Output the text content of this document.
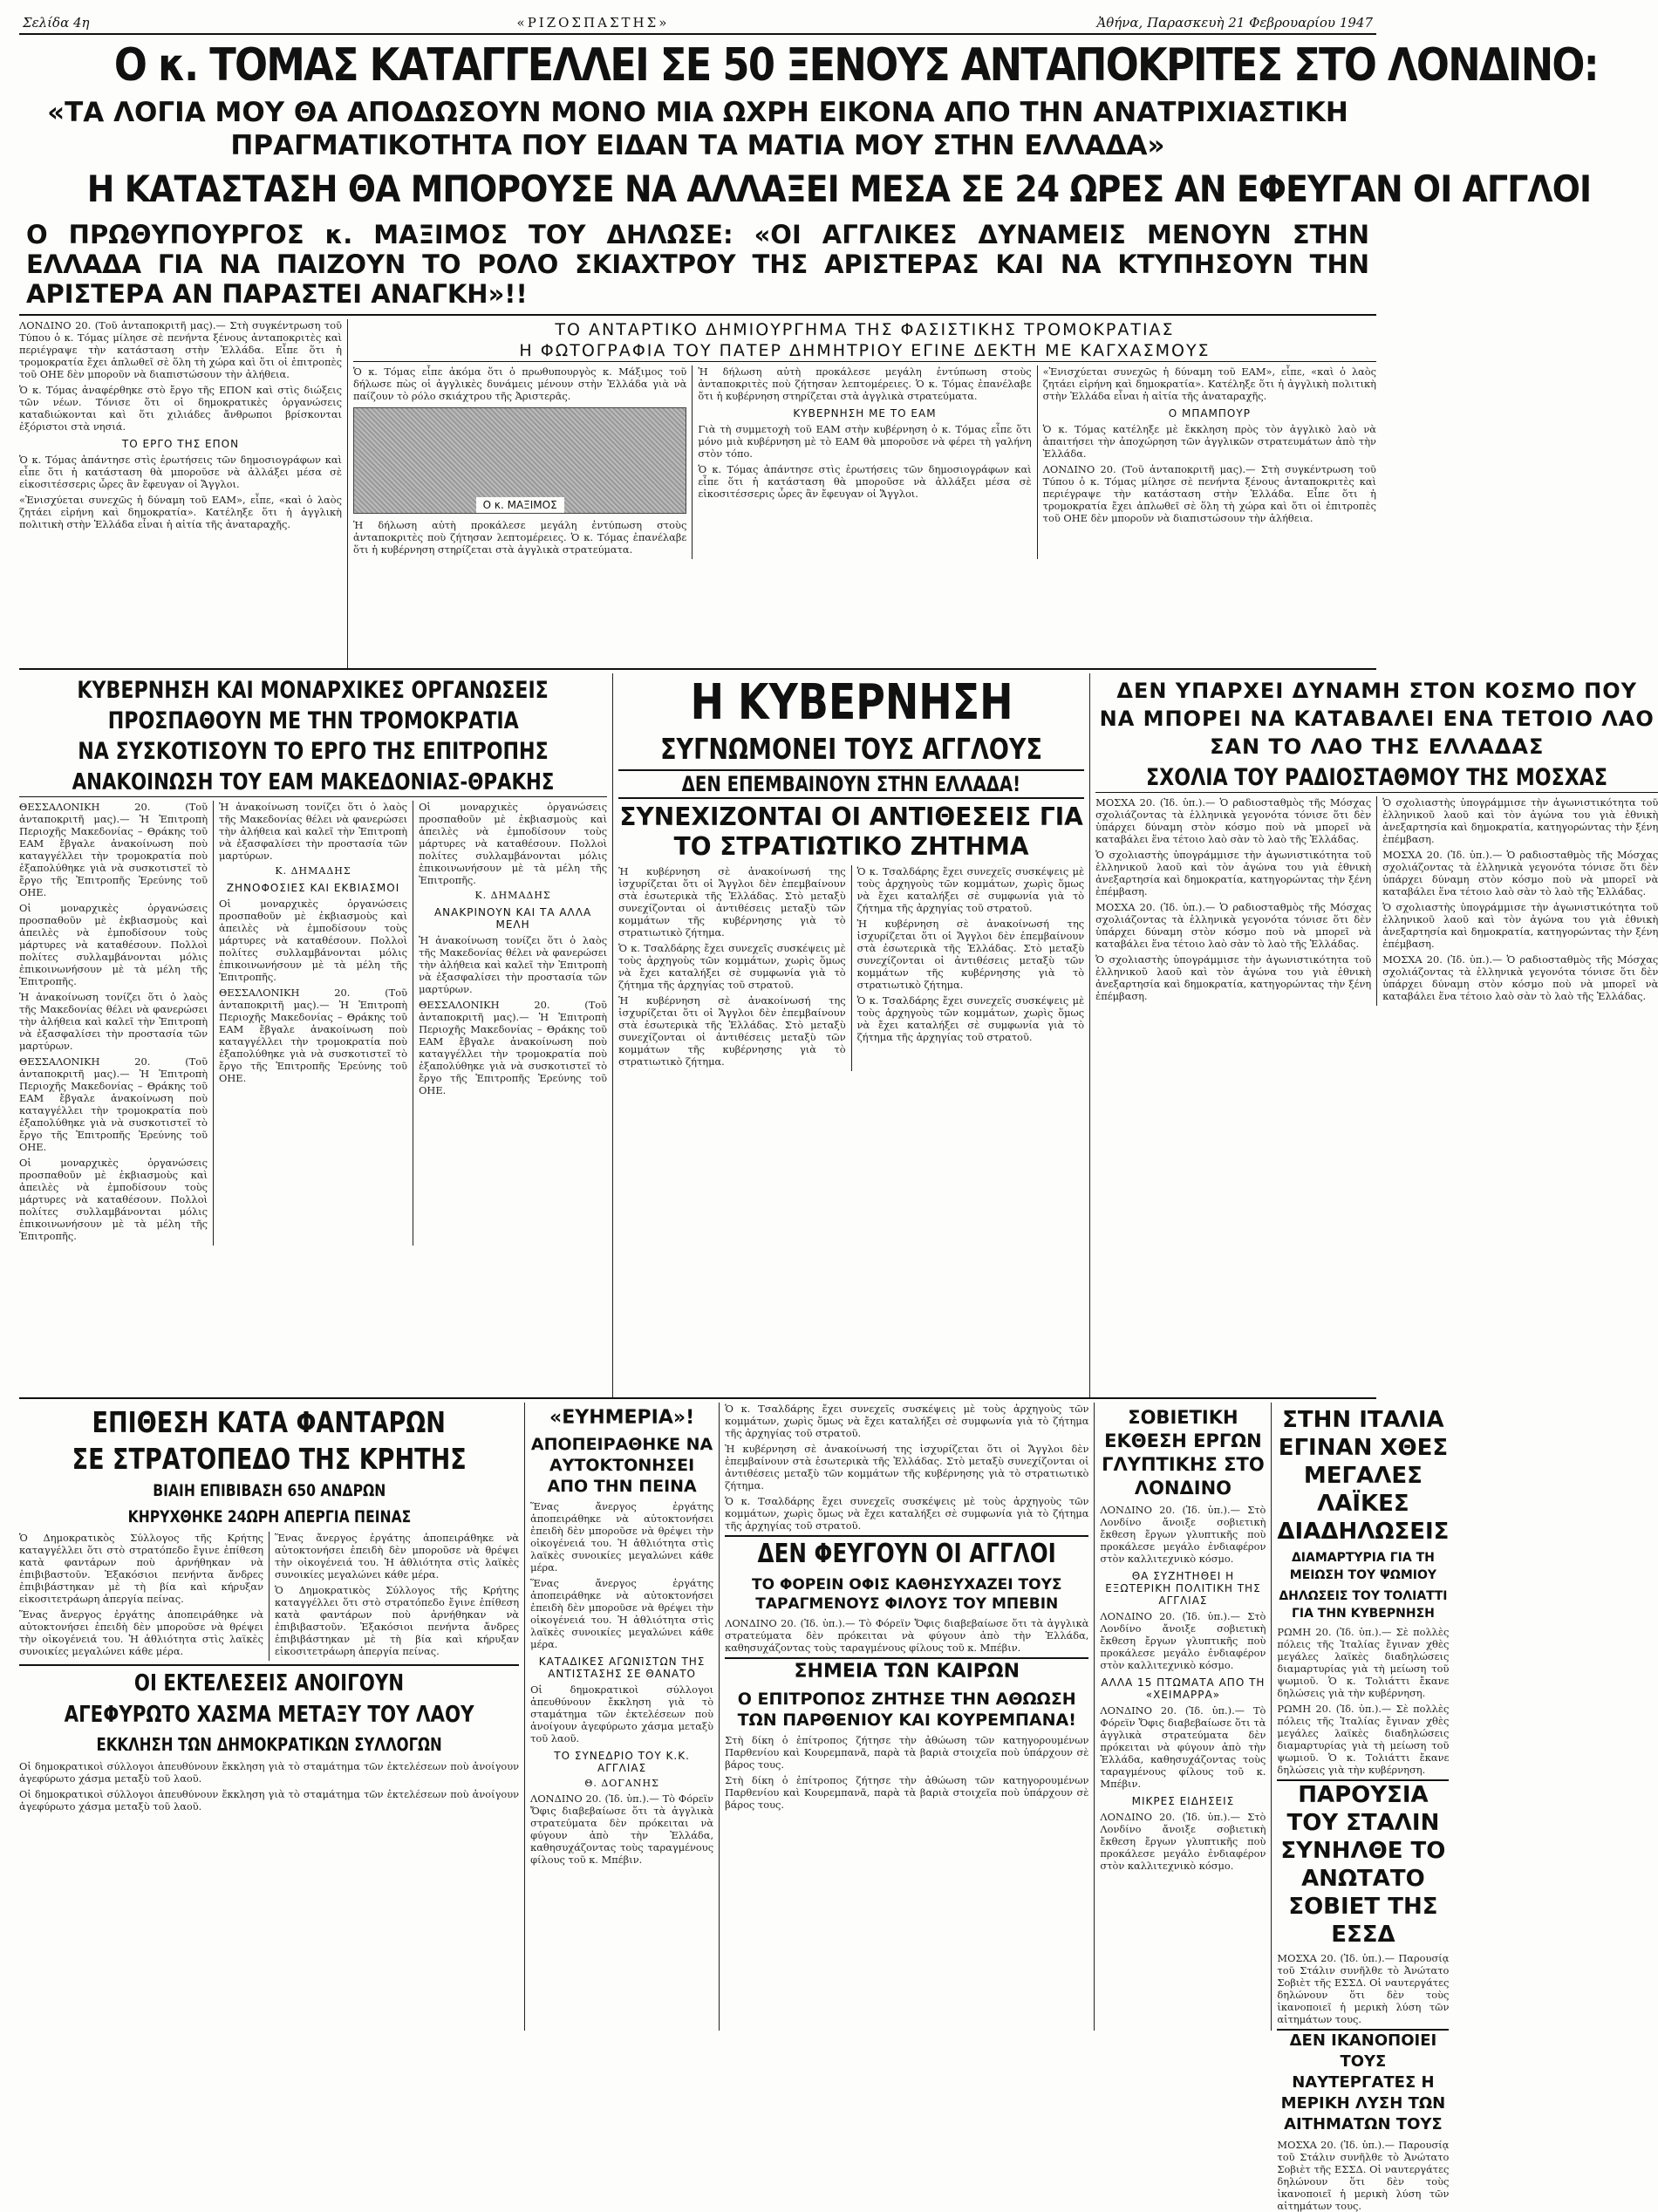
Σελίδα 4η	«ΡΙΖΟΣΠΑΣΤΗΣ»	Ἀθήνα, Παρασκευὴ 21 Φεβρουαρίου 1947
Ο κ. ΤΟΜΑΣ ΚΑΤΑΓΓΕΛΛΕΙ ΣΕ 50 ΞΕΝΟΥΣ ΑΝΤΑΠΟΚΡΙΤΕΣ ΣΤΟ ΛΟΝΔΙΝΟ:
«ΤΑ ΛΟΓΙΑ ΜΟΥ ΘΑ ΑΠΟΔΩΣΟΥΝ ΜΟΝΟ ΜΙΑ ΩΧΡΗ ΕΙΚΟΝΑ ΑΠΟ ΤΗΝ ΑΝΑΤΡΙΧΙΑΣΤΙΚΗ ΠΡΑΓΜΑΤΙΚΟΤΗΤΑ ΠΟΥ ΕΙΔΑΝ ΤΑ ΜΑΤΙΑ ΜΟΥ ΣΤΗΝ ΕΛΛΑΔΑ»
Η ΚΑΤΑΣΤΑΣΗ ΘΑ ΜΠΟΡΟΥΣΕ ΝΑ ΑΛΛΑΞΕΙ ΜΕΣΑ ΣΕ 24 ΩΡΕΣ ΑΝ ΕΦΕΥΓΑΝ ΟΙ ΑΓΓΛΟΙ
Ο ΠΡΩΘΥΠΟΥΡΓΟΣ κ. ΜΑΞΙΜΟΣ ΤΟΥ ΔΗΛΩΣΕ: «ΟΙ ΑΓΓΛΙΚΕΣ ΔΥΝΑΜΕΙΣ ΜΕΝΟΥΝ ΣΤΗΝ ΕΛΛΑΔΑ ΓΙΑ ΝΑ ΠΑΙΖΟΥΝ ΤΟ ΡΟΛΟ ΣΚΙΑΧΤΡΟΥ ΤΗΣ ΑΡΙΣΤΕΡΑΣ ΚΑΙ ΝΑ ΚΤΥΠΗΣΟΥΝ ΤΗΝ ΑΡΙΣΤΕΡΑ ΑΝ ΠΑΡΑΣΤΕΙ ΑΝΑΓΚΗ»!!

ΛΟΝΔΙΝΟ 20. (Τοῦ ἀνταποκριτῆ μας).— Στὴ συγκέντρωση τοῦ Τύπου ὁ κ. Τόμας μίλησε σὲ πενήντα ξένους ἀνταποκριτὲς καὶ περιέγραψε τὴν κατάσταση στὴν Ἑλλάδα. Εἶπε ὅτι ἡ τρομοκρατία ἔχει ἁπλωθεῖ σὲ ὅλη τὴ χώρα καὶ ὅτι οἱ ἐπιτροπὲς τοῦ ΟΗΕ δὲν μποροῦν νὰ διαπιστώσουν τὴν ἀλήθεια.

Ὁ κ. Τόμας ἀναφέρθηκε στὸ ἔργο τῆς ΕΠΟΝ καὶ στὶς διώξεις τῶν νέων. Τόνισε ὅτι οἱ δημοκρατικὲς ὀργανώσεις καταδιώκονται καὶ ὅτι χιλιάδες ἄνθρωποι βρίσκονται ἐξόριστοι στὰ νησιά.

ΤΟ ΕΡΓΟ ΤΗΣ ΕΠΟΝ

Ὁ κ. Τόμας ἀπάντησε στὶς ἐρωτήσεις τῶν δημοσιογράφων καὶ εἶπε ὅτι ἡ κατάσταση θὰ μποροῦσε νὰ ἀλλάξει μέσα σὲ εἰκοσιτέσσερις ὧρες ἂν ἔφευγαν οἱ Ἄγγλοι.

«Ἐνισχύεται συνεχῶς ἡ δύναμη τοῦ ΕΑΜ», εἶπε, «καὶ ὁ λαὸς ζητάει εἰρήνη καὶ δημοκρατία». Κατέληξε ὅτι ἡ ἀγγλικὴ πολιτικὴ στὴν Ἑλλάδα εἶναι ἡ αἰτία τῆς ἀναταραχῆς.

ΤΟ ΑΝΤΑΡΤΙΚΟ ΔΗΜΙΟΥΡΓΗΜΑ ΤΗΣ ΦΑΣΙΣΤΙΚΗΣ ΤΡΟΜΟΚΡΑΤΙΑΣ
Η ΦΩΤΟΓΡΑΦΙΑ ΤΟΥ ΠΑΤΕΡ ΔΗΜΗΤΡΙΟΥ ΕΓΙΝΕ ΔΕΚΤΗ ΜΕ ΚΑΓΧΑΣΜΟΥΣ

Ὁ κ. Τόμας εἶπε ἀκόμα ὅτι ὁ πρωθυπουργὸς κ. Μάξιμος τοῦ δήλωσε πὼς οἱ ἀγγλικὲς δυνάμεις μένουν στὴν Ἑλλάδα γιὰ νὰ παίζουν τὸ ρόλο σκιάχτρου τῆς Ἀριστερᾶς.

Ο κ. ΜΑΞΙΜΟΣ

Ἡ δήλωση αὐτὴ προκάλεσε μεγάλη ἐντύπωση στοὺς ἀνταποκριτὲς ποὺ ζήτησαν λεπτομέρειες. Ὁ κ. Τόμας ἐπανέλαβε ὅτι ἡ κυβέρνηση στηρίζεται στὰ ἀγγλικὰ στρατεύματα.

Ἡ δήλωση αὐτὴ προκάλεσε μεγάλη ἐντύπωση στοὺς ἀνταποκριτὲς ποὺ ζήτησαν λεπτομέρειες. Ὁ κ. Τόμας ἐπανέλαβε ὅτι ἡ κυβέρνηση στηρίζεται στὰ ἀγγλικὰ στρατεύματα.

ΚΥΒΕΡΝΗΣΗ ΜΕ ΤΟ ΕΑΜ

Γιὰ τὴ συμμετοχὴ τοῦ ΕΑΜ στὴν κυβέρνηση ὁ κ. Τόμας εἶπε ὅτι μόνο μιὰ κυβέρνηση μὲ τὸ ΕΑΜ θὰ μποροῦσε νὰ φέρει τὴ γαλήνη στὸν τόπο.

Ὁ κ. Τόμας ἀπάντησε στὶς ἐρωτήσεις τῶν δημοσιογράφων καὶ εἶπε ὅτι ἡ κατάσταση θὰ μποροῦσε νὰ ἀλλάξει μέσα σὲ εἰκοσιτέσσερις ὧρες ἂν ἔφευγαν οἱ Ἄγγλοι.

«Ἐνισχύεται συνεχῶς ἡ δύναμη τοῦ ΕΑΜ», εἶπε, «καὶ ὁ λαὸς ζητάει εἰρήνη καὶ δημοκρατία». Κατέληξε ὅτι ἡ ἀγγλικὴ πολιτικὴ στὴν Ἑλλάδα εἶναι ἡ αἰτία τῆς ἀναταραχῆς.

Ο ΜΠΑΜΠΟΥΡ

Ὁ κ. Τόμας κατέληξε μὲ ἔκκληση πρὸς τὸν ἀγγλικὸ λαὸ νὰ ἀπαιτήσει τὴν ἀποχώρηση τῶν ἀγγλικῶν στρατευμάτων ἀπὸ τὴν Ἑλλάδα.

ΛΟΝΔΙΝΟ 20. (Τοῦ ἀνταποκριτῆ μας).— Στὴ συγκέντρωση τοῦ Τύπου ὁ κ. Τόμας μίλησε σὲ πενήντα ξένους ἀνταποκριτὲς καὶ περιέγραψε τὴν κατάσταση στὴν Ἑλλάδα. Εἶπε ὅτι ἡ τρομοκρατία ἔχει ἁπλωθεῖ σὲ ὅλη τὴ χώρα καὶ ὅτι οἱ ἐπιτροπὲς τοῦ ΟΗΕ δὲν μποροῦν νὰ διαπιστώσουν τὴν ἀλήθεια.

ΚΥΒΕΡΝΗΣΗ ΚΑΙ ΜΟΝΑΡΧΙΚΕΣ ΟΡΓΑΝΩΣΕΙΣ
ΠΡΟΣΠΑΘΟΥΝ ΜΕ ΤΗΝ ΤΡΟΜΟΚΡΑΤΙΑ
ΝΑ ΣΥΣΚΟΤΙΣΟΥΝ ΤΟ ΕΡΓΟ ΤΗΣ ΕΠΙΤΡΟΠΗΣ
ΑΝΑΚΟΙΝΩΣΗ ΤΟΥ ΕΑΜ ΜΑΚΕΔΟΝΙΑΣ-ΘΡΑΚΗΣ

ΘΕΣΣΑΛΟΝΙΚΗ 20. (Τοῦ ἀνταποκριτῆ μας).— Ἡ Ἐπιτροπὴ Περιοχῆς Μακεδονίας – Θράκης τοῦ ΕΑΜ ἔβγαλε ἀνακοίνωση ποὺ καταγγέλλει τὴν τρομοκρατία ποὺ ἐξαπολύθηκε γιὰ νὰ συσκοτιστεῖ τὸ ἔργο τῆς Ἐπιτροπῆς Ἐρεύνης τοῦ ΟΗΕ.

Οἱ μοναρχικὲς ὀργανώσεις προσπαθοῦν μὲ ἐκβιασμοὺς καὶ ἀπειλὲς νὰ ἐμποδίσουν τοὺς μάρτυρες νὰ καταθέσουν. Πολλοὶ πολίτες συλλαμβάνονται μόλις ἐπικοινωνήσουν μὲ τὰ μέλη τῆς Ἐπιτροπῆς.

Ἡ ἀνακοίνωση τονίζει ὅτι ὁ λαὸς τῆς Μακεδονίας θέλει νὰ φανερώσει τὴν ἀλήθεια καὶ καλεῖ τὴν Ἐπιτροπὴ νὰ ἐξασφαλίσει τὴν προστασία τῶν μαρτύρων.

ΘΕΣΣΑΛΟΝΙΚΗ 20. (Τοῦ ἀνταποκριτῆ μας).— Ἡ Ἐπιτροπὴ Περιοχῆς Μακεδονίας – Θράκης τοῦ ΕΑΜ ἔβγαλε ἀνακοίνωση ποὺ καταγγέλλει τὴν τρομοκρατία ποὺ ἐξαπολύθηκε γιὰ νὰ συσκοτιστεῖ τὸ ἔργο τῆς Ἐπιτροπῆς Ἐρεύνης τοῦ ΟΗΕ.

Οἱ μοναρχικὲς ὀργανώσεις προσπαθοῦν μὲ ἐκβιασμοὺς καὶ ἀπειλὲς νὰ ἐμποδίσουν τοὺς μάρτυρες νὰ καταθέσουν. Πολλοὶ πολίτες συλλαμβάνονται μόλις ἐπικοινωνήσουν μὲ τὰ μέλη τῆς Ἐπιτροπῆς.

Ἡ ἀνακοίνωση τονίζει ὅτι ὁ λαὸς τῆς Μακεδονίας θέλει νὰ φανερώσει τὴν ἀλήθεια καὶ καλεῖ τὴν Ἐπιτροπὴ νὰ ἐξασφαλίσει τὴν προστασία τῶν μαρτύρων.

Κ. ΔΗΜΑΔΗΣ

ΖΗΝΟΦΟΣΙΕΣ ΚΑΙ ΕΚΒΙΑΣΜΟΙ

Οἱ μοναρχικὲς ὀργανώσεις προσπαθοῦν μὲ ἐκβιασμοὺς καὶ ἀπειλὲς νὰ ἐμποδίσουν τοὺς μάρτυρες νὰ καταθέσουν. Πολλοὶ πολίτες συλλαμβάνονται μόλις ἐπικοινωνήσουν μὲ τὰ μέλη τῆς Ἐπιτροπῆς.

ΘΕΣΣΑΛΟΝΙΚΗ 20. (Τοῦ ἀνταποκριτῆ μας).— Ἡ Ἐπιτροπὴ Περιοχῆς Μακεδονίας – Θράκης τοῦ ΕΑΜ ἔβγαλε ἀνακοίνωση ποὺ καταγγέλλει τὴν τρομοκρατία ποὺ ἐξαπολύθηκε γιὰ νὰ συσκοτιστεῖ τὸ ἔργο τῆς Ἐπιτροπῆς Ἐρεύνης τοῦ ΟΗΕ.

Οἱ μοναρχικὲς ὀργανώσεις προσπαθοῦν μὲ ἐκβιασμοὺς καὶ ἀπειλὲς νὰ ἐμποδίσουν τοὺς μάρτυρες νὰ καταθέσουν. Πολλοὶ πολίτες συλλαμβάνονται μόλις ἐπικοινωνήσουν μὲ τὰ μέλη τῆς Ἐπιτροπῆς.

Κ. ΔΗΜΑΔΗΣ

ΑΝΑΚΡΙΝΟΥΝ ΚΑΙ ΤΑ ΑΛΛΑ ΜΕΛΗ

Ἡ ἀνακοίνωση τονίζει ὅτι ὁ λαὸς τῆς Μακεδονίας θέλει νὰ φανερώσει τὴν ἀλήθεια καὶ καλεῖ τὴν Ἐπιτροπὴ νὰ ἐξασφαλίσει τὴν προστασία τῶν μαρτύρων.

ΘΕΣΣΑΛΟΝΙΚΗ 20. (Τοῦ ἀνταποκριτῆ μας).— Ἡ Ἐπιτροπὴ Περιοχῆς Μακεδονίας – Θράκης τοῦ ΕΑΜ ἔβγαλε ἀνακοίνωση ποὺ καταγγέλλει τὴν τρομοκρατία ποὺ ἐξαπολύθηκε γιὰ νὰ συσκοτιστεῖ τὸ ἔργο τῆς Ἐπιτροπῆς Ἐρεύνης τοῦ ΟΗΕ.

Η ΚΥΒΕΡΝΗΣΗ
ΣΥΓΝΩΜΟΝΕΙ ΤΟΥΣ ΑΓΓΛΟΥΣ
ΔΕΝ ΕΠΕΜΒΑΙΝΟΥΝ ΣΤΗΝ ΕΛΛΑΔΑ!
ΣΥΝΕΧΙΖΟΝΤΑΙ ΟΙ ΑΝΤΙΘΕΣΕΙΣ ΓΙΑ ΤΟ ΣΤΡΑΤΙΩΤΙΚΟ ΖΗΤΗΜΑ

Ἡ κυβέρνηση σὲ ἀνακοίνωσή της ἰσχυρίζεται ὅτι οἱ Ἄγγλοι δὲν ἐπεμβαίνουν στὰ ἐσωτερικὰ τῆς Ἑλλάδας. Στὸ μεταξὺ συνεχίζονται οἱ ἀντιθέσεις μεταξὺ τῶν κομμάτων τῆς κυβέρνησης γιὰ τὸ στρατιωτικὸ ζήτημα.

Ὁ κ. Τσαλδάρης ἔχει συνεχεῖς συσκέψεις μὲ τοὺς ἀρχηγοὺς τῶν κομμάτων, χωρὶς ὅμως νὰ ἔχει καταλήξει σὲ συμφωνία γιὰ τὸ ζήτημα τῆς ἀρχηγίας τοῦ στρατοῦ.

Ἡ κυβέρνηση σὲ ἀνακοίνωσή της ἰσχυρίζεται ὅτι οἱ Ἄγγλοι δὲν ἐπεμβαίνουν στὰ ἐσωτερικὰ τῆς Ἑλλάδας. Στὸ μεταξὺ συνεχίζονται οἱ ἀντιθέσεις μεταξὺ τῶν κομμάτων τῆς κυβέρνησης γιὰ τὸ στρατιωτικὸ ζήτημα.

Ὁ κ. Τσαλδάρης ἔχει συνεχεῖς συσκέψεις μὲ τοὺς ἀρχηγοὺς τῶν κομμάτων, χωρὶς ὅμως νὰ ἔχει καταλήξει σὲ συμφωνία γιὰ τὸ ζήτημα τῆς ἀρχηγίας τοῦ στρατοῦ.

Ἡ κυβέρνηση σὲ ἀνακοίνωσή της ἰσχυρίζεται ὅτι οἱ Ἄγγλοι δὲν ἐπεμβαίνουν στὰ ἐσωτερικὰ τῆς Ἑλλάδας. Στὸ μεταξὺ συνεχίζονται οἱ ἀντιθέσεις μεταξὺ τῶν κομμάτων τῆς κυβέρνησης γιὰ τὸ στρατιωτικὸ ζήτημα.

Ὁ κ. Τσαλδάρης ἔχει συνεχεῖς συσκέψεις μὲ τοὺς ἀρχηγοὺς τῶν κομμάτων, χωρὶς ὅμως νὰ ἔχει καταλήξει σὲ συμφωνία γιὰ τὸ ζήτημα τῆς ἀρχηγίας τοῦ στρατοῦ.

ΔΕΝ ΥΠΑΡΧΕΙ ΔΥΝΑΜΗ ΣΤΟΝ ΚΟΣΜΟ ΠΟΥ ΝΑ ΜΠΟΡΕΙ ΝΑ ΚΑΤΑΒΑΛΕΙ ΕΝΑ ΤΕΤΟΙΟ ΛΑΟ ΣΑΝ ΤΟ ΛΑΟ ΤΗΣ ΕΛΛΑΔΑΣ
ΣΧΟΛΙΑ ΤΟΥ ΡΑΔΙΟΣΤΑΘΜΟΥ ΤΗΣ ΜΟΣΧΑΣ

ΜΟΣΧΑ 20. (Ἰδ. ὑπ.).— Ὁ ραδιοσταθμὸς τῆς Μόσχας σχολιάζοντας τὰ ἑλληνικὰ γεγονότα τόνισε ὅτι δὲν ὑπάρχει δύναμη στὸν κόσμο ποὺ νὰ μπορεῖ νὰ καταβάλει ἕνα τέτοιο λαὸ σὰν τὸ λαὸ τῆς Ἑλλάδας.

Ὁ σχολιαστὴς ὑπογράμμισε τὴν ἀγωνιστικότητα τοῦ ἑλληνικοῦ λαοῦ καὶ τὸν ἀγώνα του γιὰ ἐθνικὴ ἀνεξαρτησία καὶ δημοκρατία, κατηγορώντας τὴν ξένη ἐπέμβαση.

ΜΟΣΧΑ 20. (Ἰδ. ὑπ.).— Ὁ ραδιοσταθμὸς τῆς Μόσχας σχολιάζοντας τὰ ἑλληνικὰ γεγονότα τόνισε ὅτι δὲν ὑπάρχει δύναμη στὸν κόσμο ποὺ νὰ μπορεῖ νὰ καταβάλει ἕνα τέτοιο λαὸ σὰν τὸ λαὸ τῆς Ἑλλάδας.

Ὁ σχολιαστὴς ὑπογράμμισε τὴν ἀγωνιστικότητα τοῦ ἑλληνικοῦ λαοῦ καὶ τὸν ἀγώνα του γιὰ ἐθνικὴ ἀνεξαρτησία καὶ δημοκρατία, κατηγορώντας τὴν ξένη ἐπέμβαση.

Ὁ σχολιαστὴς ὑπογράμμισε τὴν ἀγωνιστικότητα τοῦ ἑλληνικοῦ λαοῦ καὶ τὸν ἀγώνα του γιὰ ἐθνικὴ ἀνεξαρτησία καὶ δημοκρατία, κατηγορώντας τὴν ξένη ἐπέμβαση.

ΜΟΣΧΑ 20. (Ἰδ. ὑπ.).— Ὁ ραδιοσταθμὸς τῆς Μόσχας σχολιάζοντας τὰ ἑλληνικὰ γεγονότα τόνισε ὅτι δὲν ὑπάρχει δύναμη στὸν κόσμο ποὺ νὰ μπορεῖ νὰ καταβάλει ἕνα τέτοιο λαὸ σὰν τὸ λαὸ τῆς Ἑλλάδας.

Ὁ σχολιαστὴς ὑπογράμμισε τὴν ἀγωνιστικότητα τοῦ ἑλληνικοῦ λαοῦ καὶ τὸν ἀγώνα του γιὰ ἐθνικὴ ἀνεξαρτησία καὶ δημοκρατία, κατηγορώντας τὴν ξένη ἐπέμβαση.

ΜΟΣΧΑ 20. (Ἰδ. ὑπ.).— Ὁ ραδιοσταθμὸς τῆς Μόσχας σχολιάζοντας τὰ ἑλληνικὰ γεγονότα τόνισε ὅτι δὲν ὑπάρχει δύναμη στὸν κόσμο ποὺ νὰ μπορεῖ νὰ καταβάλει ἕνα τέτοιο λαὸ σὰν τὸ λαὸ τῆς Ἑλλάδας.

ΕΠΙΘΕΣΗ ΚΑΤΑ ΦΑΝΤΑΡΩΝ
ΣΕ ΣΤΡΑΤΟΠΕΔΟ ΤΗΣ ΚΡΗΤΗΣ
ΒΙΑΙΗ ΕΠΙΒΙΒΑΣΗ 650 ΑΝΔΡΩΝ
ΚΗΡΥΧΘΗΚΕ 24ΩΡΗ ΑΠΕΡΓΙΑ ΠΕΙΝΑΣ

Ὁ Δημοκρατικὸς Σύλλογος τῆς Κρήτης καταγγέλλει ὅτι στὸ στρατόπεδο ἔγινε ἐπίθεση κατὰ φαντάρων ποὺ ἀρνήθηκαν νὰ ἐπιβιβαστοῦν. Ἑξακόσιοι πενήντα ἄνδρες ἐπιβιβάστηκαν μὲ τὴ βία καὶ κήρυξαν εἰκοσιτετράωρη ἀπεργία πείνας.

Ἕνας ἄνεργος ἐργάτης ἀποπειράθηκε νὰ αὐτοκτονήσει ἐπειδὴ δὲν μποροῦσε νὰ θρέψει τὴν οἰκογένειά του. Ἡ ἀθλιότητα στὶς λαϊκὲς συνοικίες μεγαλώνει κάθε μέρα.

Ἕνας ἄνεργος ἐργάτης ἀποπειράθηκε νὰ αὐτοκτονήσει ἐπειδὴ δὲν μποροῦσε νὰ θρέψει τὴν οἰκογένειά του. Ἡ ἀθλιότητα στὶς λαϊκὲς συνοικίες μεγαλώνει κάθε μέρα.

Ὁ Δημοκρατικὸς Σύλλογος τῆς Κρήτης καταγγέλλει ὅτι στὸ στρατόπεδο ἔγινε ἐπίθεση κατὰ φαντάρων ποὺ ἀρνήθηκαν νὰ ἐπιβιβαστοῦν. Ἑξακόσιοι πενήντα ἄνδρες ἐπιβιβάστηκαν μὲ τὴ βία καὶ κήρυξαν εἰκοσιτετράωρη ἀπεργία πείνας.

ΟΙ ΕΚΤΕΛΕΣΕΙΣ ΑΝΟΙΓΟΥΝ
ΑΓΕΦΥΡΩΤΟ ΧΑΣΜΑ ΜΕΤΑΞΥ ΤΟΥ ΛΑΟΥ
ΕΚΚΛΗΣΗ ΤΩΝ ΔΗΜΟΚΡΑΤΙΚΩΝ ΣΥΛΛΟΓΩΝ

Οἱ δημοκρατικοὶ σύλλογοι ἀπευθύνουν ἔκκληση γιὰ τὸ σταμάτημα τῶν ἐκτελέσεων ποὺ ἀνοίγουν ἀγεφύρωτο χάσμα μεταξὺ τοῦ λαοῦ.

Οἱ δημοκρατικοὶ σύλλογοι ἀπευθύνουν ἔκκληση γιὰ τὸ σταμάτημα τῶν ἐκτελέσεων ποὺ ἀνοίγουν ἀγεφύρωτο χάσμα μεταξὺ τοῦ λαοῦ.

«ΕΥΗΜΕΡΙΑ»!
ΑΠΟΠΕΙΡΑΘΗΚΕ ΝΑ ΑΥΤΟΚΤΟΝΗΣΕΙ ΑΠΟ ΤΗΝ ΠΕΙΝΑ

Ἕνας ἄνεργος ἐργάτης ἀποπειράθηκε νὰ αὐτοκτονήσει ἐπειδὴ δὲν μποροῦσε νὰ θρέψει τὴν οἰκογένειά του. Ἡ ἀθλιότητα στὶς λαϊκὲς συνοικίες μεγαλώνει κάθε μέρα.

Ἕνας ἄνεργος ἐργάτης ἀποπειράθηκε νὰ αὐτοκτονήσει ἐπειδὴ δὲν μποροῦσε νὰ θρέψει τὴν οἰκογένειά του. Ἡ ἀθλιότητα στὶς λαϊκὲς συνοικίες μεγαλώνει κάθε μέρα.

ΚΑΤΑΔΙΚΕΣ ΑΓΩΝΙΣΤΩΝ ΤΗΣ ΑΝΤΙΣΤΑΣΗΣ ΣΕ ΘΑΝΑΤΟ

Οἱ δημοκρατικοὶ σύλλογοι ἀπευθύνουν ἔκκληση γιὰ τὸ σταμάτημα τῶν ἐκτελέσεων ποὺ ἀνοίγουν ἀγεφύρωτο χάσμα μεταξὺ τοῦ λαοῦ.

ΤΟ ΣΥΝΕΔΡΙΟ ΤΟΥ Κ.Κ. ΑΓΓΛΙΑΣ

Θ. ΔΟΓΑΝΗΣ

ΛΟΝΔΙΝΟ 20. (Ἰδ. ὑπ.).— Τὸ Φόρεϊν Ὄφις διαβεβαίωσε ὅτι τὰ ἀγγλικὰ στρατεύματα δὲν πρόκειται νὰ φύγουν ἀπὸ τὴν Ἑλλάδα, καθησυχάζοντας τοὺς ταραγμένους φίλους τοῦ κ. Μπέβιν.

Ὁ κ. Τσαλδάρης ἔχει συνεχεῖς συσκέψεις μὲ τοὺς ἀρχηγοὺς τῶν κομμάτων, χωρὶς ὅμως νὰ ἔχει καταλήξει σὲ συμφωνία γιὰ τὸ ζήτημα τῆς ἀρχηγίας τοῦ στρατοῦ.

Ἡ κυβέρνηση σὲ ἀνακοίνωσή της ἰσχυρίζεται ὅτι οἱ Ἄγγλοι δὲν ἐπεμβαίνουν στὰ ἐσωτερικὰ τῆς Ἑλλάδας. Στὸ μεταξὺ συνεχίζονται οἱ ἀντιθέσεις μεταξὺ τῶν κομμάτων τῆς κυβέρνησης γιὰ τὸ στρατιωτικὸ ζήτημα.

Ὁ κ. Τσαλδάρης ἔχει συνεχεῖς συσκέψεις μὲ τοὺς ἀρχηγοὺς τῶν κομμάτων, χωρὶς ὅμως νὰ ἔχει καταλήξει σὲ συμφωνία γιὰ τὸ ζήτημα τῆς ἀρχηγίας τοῦ στρατοῦ.

ΔΕΝ ΦΕΥΓΟΥΝ ΟΙ ΑΓΓΛΟΙ
ΤΟ ΦΟΡΕΙΝ ΟΦΙΣ ΚΑΘΗΣΥΧΑΖΕΙ ΤΟΥΣ ΤΑΡΑΓΜΕΝΟΥΣ ΦΙΛΟΥΣ ΤΟΥ ΜΠΕΒΙΝ

ΛΟΝΔΙΝΟ 20. (Ἰδ. ὑπ.).— Τὸ Φόρεϊν Ὄφις διαβεβαίωσε ὅτι τὰ ἀγγλικὰ στρατεύματα δὲν πρόκειται νὰ φύγουν ἀπὸ τὴν Ἑλλάδα, καθησυχάζοντας τοὺς ταραγμένους φίλους τοῦ κ. Μπέβιν.

ΣΗΜΕΙΑ ΤΩΝ ΚΑΙΡΩΝ
Ο ΕΠΙΤΡΟΠΟΣ ΖΗΤΗΣΕ ΤΗΝ ΑΘΩΩΣΗ ΤΩΝ ΠΑΡΘΕΝΙΟΥ ΚΑΙ ΚΟΥΡΕΜΠΑΝΑ!

Στὴ δίκη ὁ ἐπίτροπος ζήτησε τὴν ἀθώωση τῶν κατηγορουμένων Παρθενίου καὶ Κουρεμπανᾶ, παρὰ τὰ βαριὰ στοιχεῖα ποὺ ὑπάρχουν σὲ βάρος τους.

Στὴ δίκη ὁ ἐπίτροπος ζήτησε τὴν ἀθώωση τῶν κατηγορουμένων Παρθενίου καὶ Κουρεμπανᾶ, παρὰ τὰ βαριὰ στοιχεῖα ποὺ ὑπάρχουν σὲ βάρος τους.

ΣΟΒΙΕΤΙΚΗ ΕΚΘΕΣΗ ΕΡΓΩΝ ΓΛΥΠΤΙΚΗΣ ΣΤΟ ΛΟΝΔΙΝΟ

ΛΟΝΔΙΝΟ 20. (Ἰδ. ὑπ.).— Στὸ Λονδίνο ἄνοιξε σοβιετικὴ ἔκθεση ἔργων γλυπτικῆς ποὺ προκάλεσε μεγάλο ἐνδιαφέρον στὸν καλλιτεχνικὸ κόσμο.

ΘΑ ΣΥΖΗΤΗΘΕΙ Η ΕΞΩΤΕΡΙΚΗ ΠΟΛΙΤΙΚΗ ΤΗΣ ΑΓΓΛΙΑΣ

ΛΟΝΔΙΝΟ 20. (Ἰδ. ὑπ.).— Στὸ Λονδίνο ἄνοιξε σοβιετικὴ ἔκθεση ἔργων γλυπτικῆς ποὺ προκάλεσε μεγάλο ἐνδιαφέρον στὸν καλλιτεχνικὸ κόσμο.

ΑΛΛΑ 15 ΠΤΩΜΑΤΑ ΑΠΟ ΤΗ «ΧΕΙΜΑΡΡΑ»

ΛΟΝΔΙΝΟ 20. (Ἰδ. ὑπ.).— Τὸ Φόρεϊν Ὄφις διαβεβαίωσε ὅτι τὰ ἀγγλικὰ στρατεύματα δὲν πρόκειται νὰ φύγουν ἀπὸ τὴν Ἑλλάδα, καθησυχάζοντας τοὺς ταραγμένους φίλους τοῦ κ. Μπέβιν.

ΜΙΚΡΕΣ ΕΙΔΗΣΕΙΣ

ΛΟΝΔΙΝΟ 20. (Ἰδ. ὑπ.).— Στὸ Λονδίνο ἄνοιξε σοβιετικὴ ἔκθεση ἔργων γλυπτικῆς ποὺ προκάλεσε μεγάλο ἐνδιαφέρον στὸν καλλιτεχνικὸ κόσμο.

ΣΤΗΝ ΙΤΑΛΙΑ ΕΓΙΝΑΝ ΧΘΕΣ ΜΕΓΑΛΕΣ ΛΑΪΚΕΣ ΔΙΑΔΗΛΩΣΕΙΣ
ΔΙΑΜΑΡΤΥΡΙΑ ΓΙΑ ΤΗ ΜΕΙΩΣΗ ΤΟΥ ΨΩΜΙΟΥ
ΔΗΛΩΣΕΙΣ ΤΟΥ ΤΟΛΙΑΤΤΙ ΓΙΑ ΤΗΝ ΚΥΒΕΡΝΗΣΗ

ΡΩΜΗ 20. (Ἰδ. ὑπ.).— Σὲ πολλὲς πόλεις τῆς Ἰταλίας ἔγιναν χθὲς μεγάλες λαϊκὲς διαδηλώσεις διαμαρτυρίας γιὰ τὴ μείωση τοῦ ψωμιοῦ. Ὁ κ. Τολιάττι ἔκανε δηλώσεις γιὰ τὴν κυβέρνηση.

ΡΩΜΗ 20. (Ἰδ. ὑπ.).— Σὲ πολλὲς πόλεις τῆς Ἰταλίας ἔγιναν χθὲς μεγάλες λαϊκὲς διαδηλώσεις διαμαρτυρίας γιὰ τὴ μείωση τοῦ ψωμιοῦ. Ὁ κ. Τολιάττι ἔκανε δηλώσεις γιὰ τὴν κυβέρνηση.

ΠΑΡΟΥΣΙΑ ΤΟΥ ΣΤΑΛΙΝ ΣΥΝΗΛΘΕ ΤΟ ΑΝΩΤΑΤΟ ΣΟΒΙΕΤ ΤΗΣ ΕΣΣΔ

ΜΟΣΧΑ 20. (Ἰδ. ὑπ.).— Παρουσίᾳ τοῦ Στάλιν συνῆλθε τὸ Ἀνώτατο Σοβιὲτ τῆς ΕΣΣΔ. Οἱ ναυτεργάτες δηλώνουν ὅτι δὲν τοὺς ἱκανοποιεῖ ἡ μερικὴ λύση τῶν αἰτημάτων τους.

ΔΕΝ ΙΚΑΝΟΠΟΙΕΙ ΤΟΥΣ ΝΑΥΤΕΡΓΑΤΕΣ Η ΜΕΡΙΚΗ ΛΥΣΗ ΤΩΝ ΑΙΤΗΜΑΤΩΝ ΤΟΥΣ

ΜΟΣΧΑ 20. (Ἰδ. ὑπ.).— Παρουσίᾳ τοῦ Στάλιν συνῆλθε τὸ Ἀνώτατο Σοβιὲτ τῆς ΕΣΣΔ. Οἱ ναυτεργάτες δηλώνουν ὅτι δὲν τοὺς ἱκανοποιεῖ ἡ μερικὴ λύση τῶν αἰτημάτων τους.
